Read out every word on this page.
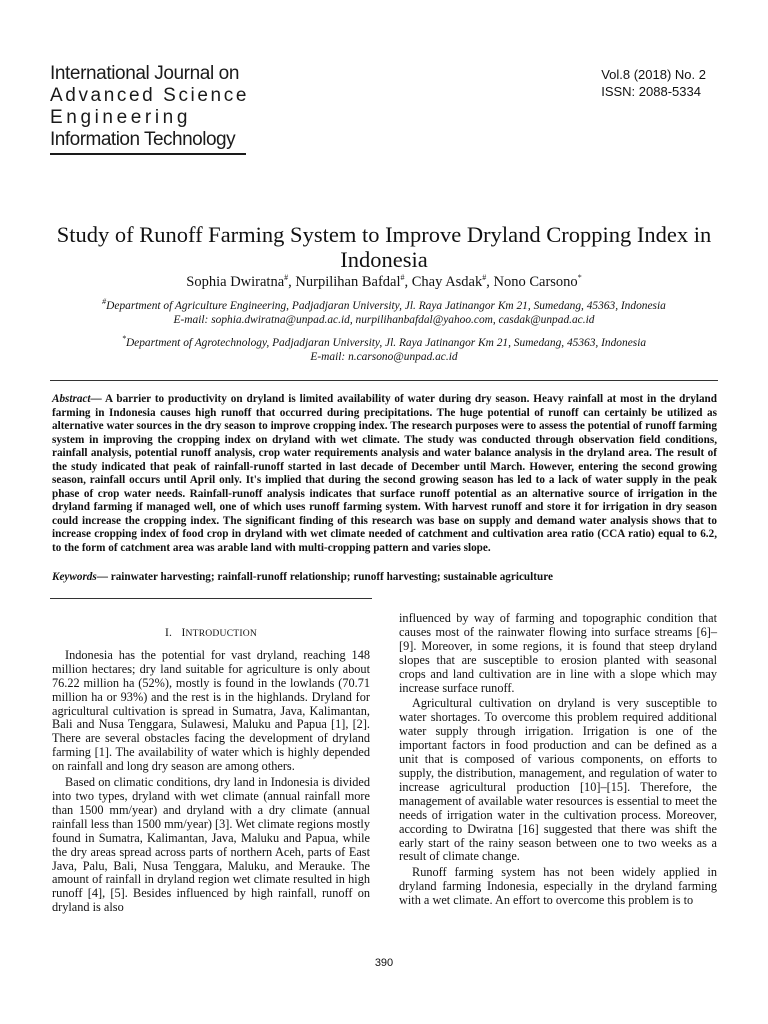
International Journal on
Advanced Science
Engineering
Information Technology
Vol.8 (2018) No. 2
ISSN: 2088-5334
Study of Runoff Farming System to Improve Dryland Cropping Index in Indonesia
Sophia Dwiratna#, Nurpilihan Bafdal#, Chay Asdak#, Nono Carsono*
#Department of Agriculture Engineering, Padjadjaran University, Jl. Raya Jatinangor Km 21, Sumedang, 45363, Indonesia
E-mail: sophia.dwiratna@unpad.ac.id, nurpilihanbafdal@yahoo.com, casdak@unpad.ac.id
*Department of Agrotechnology, Padjadjaran University, Jl. Raya Jatinangor Km 21, Sumedang, 45363, Indonesia
E-mail: n.carsono@unpad.ac.id
Abstract— A barrier to productivity on dryland is limited availability of water during dry season. Heavy rainfall at most in the dryland farming in Indonesia causes high runoff that occurred during precipitations. The huge potential of runoff can certainly be utilized as alternative water sources in the dry season to improve cropping index. The research purposes were to assess the potential of runoff farming system in improving the cropping index on dryland with wet climate. The study was conducted through observation field conditions, rainfall analysis, potential runoff analysis, crop water requirements analysis and water balance analysis in the dryland area. The result of the study indicated that peak of rainfall-runoff started in last decade of December until March. However, entering the second growing season, rainfall occurs until April only. It's implied that during the second growing season has led to a lack of water supply in the peak phase of crop water needs. Rainfall-runoff analysis indicates that surface runoff potential as an alternative source of irrigation in the dryland farming if managed well, one of which uses runoff farming system. With harvest runoff and store it for irrigation in dry season could increase the cropping index. The significant finding of this research was base on supply and demand water analysis shows that to increase cropping index of food crop in dryland with wet climate needed of catchment and cultivation area ratio (CCA ratio) equal to 6.2, to the form of catchment area was arable land with multi-cropping pattern and varies slope.
Keywords— rainwater harvesting; rainfall-runoff relationship; runoff harvesting; sustainable agriculture
I. INTRODUCTION

Indonesia has the potential for vast dryland, reaching 148 million hectares; dry land suitable for agriculture is only about 76.22 million ha (52%), mostly is found in the lowlands (70.71 million ha or 93%) and the rest is in the highlands. Dryland for agricultural cultivation is spread in Sumatra, Java, Kalimantan, Bali and Nusa Tenggara, Sulawesi, Maluku and Papua [1], [2]. There are several obstacles facing the development of dryland farming [1]. The availability of water which is highly depended on rainfall and long dry season are among others.

Based on climatic conditions, dry land in Indonesia is divided into two types, dryland with wet climate (annual rainfall more than 1500 mm/year) and dryland with a dry climate (annual rainfall less than 1500 mm/year) [3]. Wet climate regions mostly found in Sumatra, Kalimantan, Java, Maluku and Papua, while the dry areas spread across parts of northern Aceh, parts of East Java, Palu, Bali, Nusa Tenggara, Maluku, and Merauke. The amount of rainfall in dryland region wet climate resulted in high runoff [4], [5]. Besides influenced by high rainfall, runoff on dryland is also

influenced by way of farming and topographic condition that causes most of the rainwater flowing into surface streams [6]–[9]. Moreover, in some regions, it is found that steep dryland slopes that are susceptible to erosion planted with seasonal crops and land cultivation are in line with a slope which may increase surface runoff.

Agricultural cultivation on dryland is very susceptible to water shortages. To overcome this problem required additional water supply through irrigation. Irrigation is one of the important factors in food production and can be defined as a unit that is composed of various components, on efforts to supply, the distribution, management, and regulation of water to increase agricultural production [10]–[15]. Therefore, the management of available water resources is essential to meet the needs of irrigation water in the cultivation process. Moreover, according to Dwiratna [16] suggested that there was shift the early start of the rainy season between one to two weeks as a result of climate change.

Runoff farming system has not been widely applied in dryland farming Indonesia, especially in the dryland farming with a wet climate. An effort to overcome this problem is to

390
